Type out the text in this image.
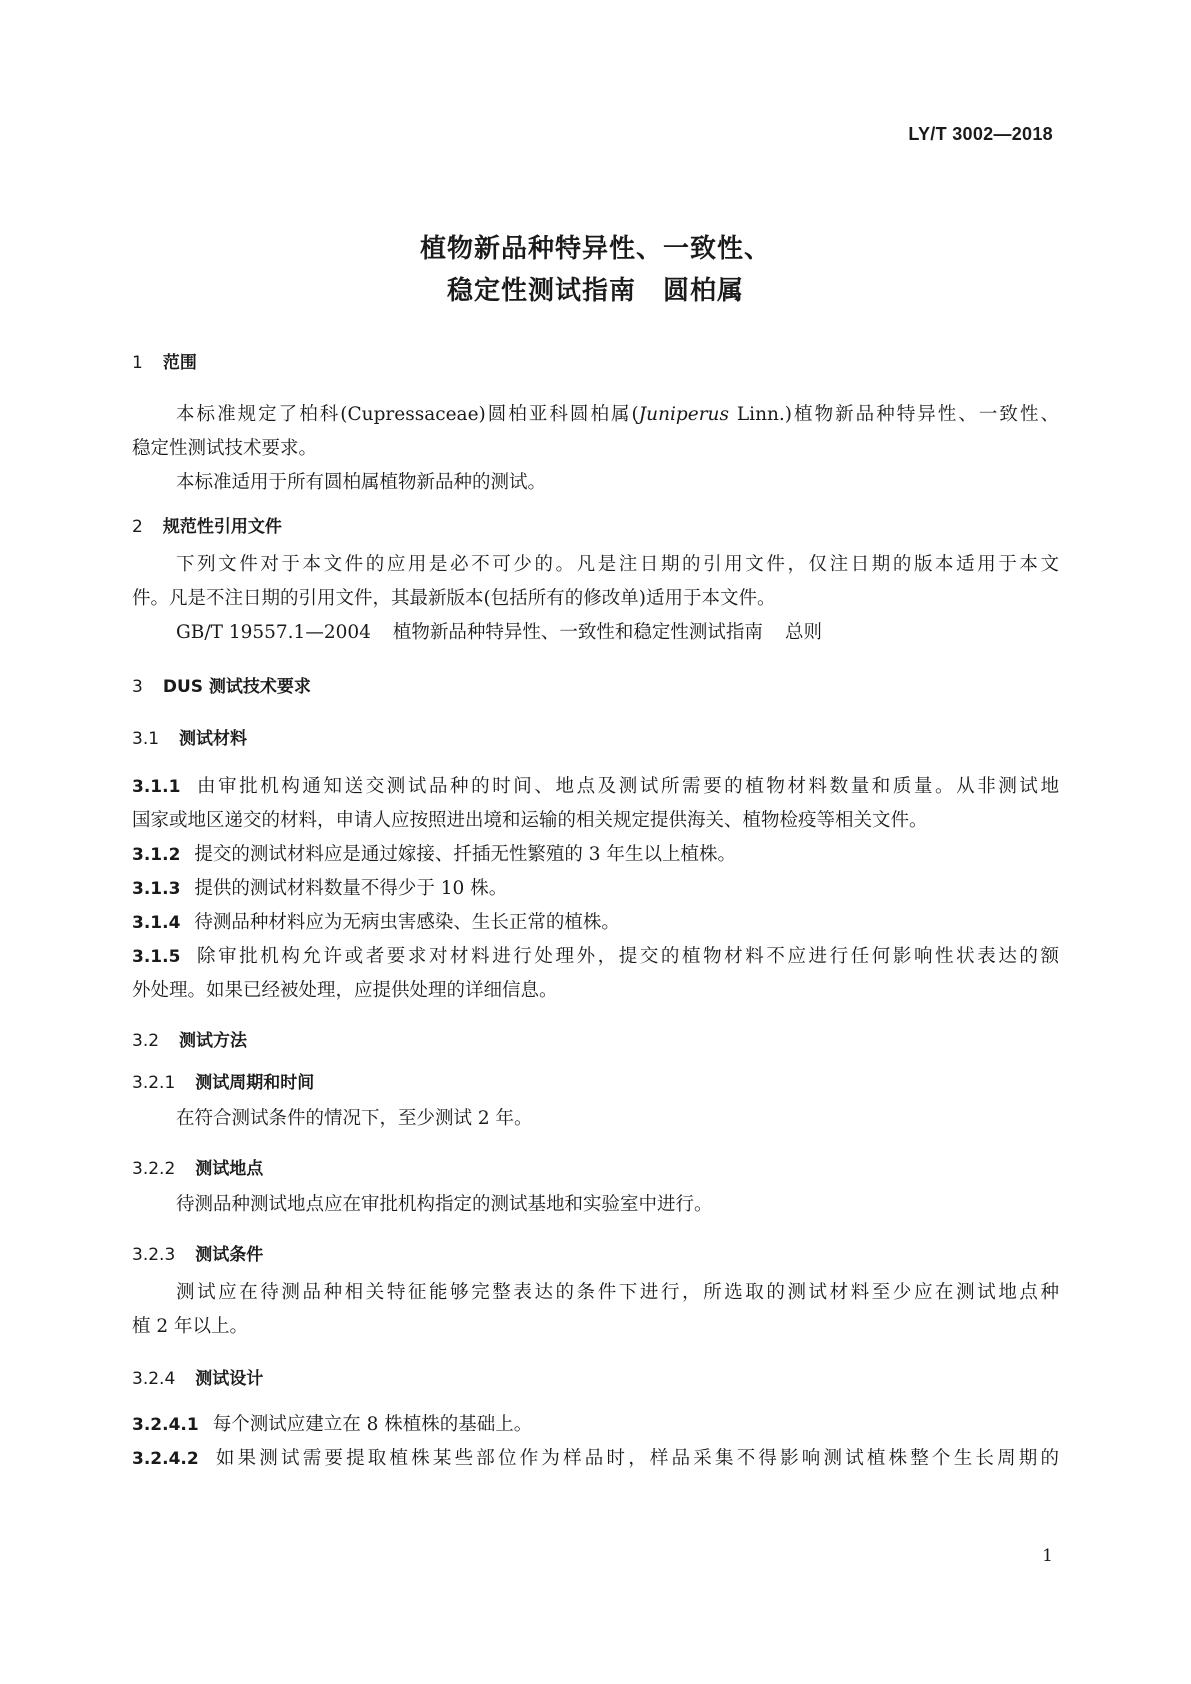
LY/T 3002—2018
植物新品种特异性、一致性、
稳定性测试指南　圆柏属
1 范围
本标准规定了柏科(Cupressaceae)圆柏亚科圆柏属(Juniperus Linn.)植物新品种特异性、一致性、
稳定性测试技术要求。
本标准适用于所有圆柏属植物新品种的测试。
2 规范性引用文件
下列文件对于本文件的应用是必不可少的。凡是注日期的引用文件，仅注日期的版本适用于本文
件。凡是不注日期的引用文件，其最新版本(包括所有的修改单)适用于本文件。
GB/T 19557.1—2004 植物新品种特异性、一致性和稳定性测试指南 总则
3 DUS 测试技术要求
3.1 测试材料
3.1.1 由审批机构通知送交测试品种的时间、地点及测试所需要的植物材料数量和质量。从非测试地
国家或地区递交的材料，申请人应按照进出境和运输的相关规定提供海关、植物检疫等相关文件。
3.1.2 提交的测试材料应是通过嫁接、扦插无性繁殖的 3 年生以上植株。
3.1.3 提供的测试材料数量不得少于 10 株。
3.1.4 待测品种材料应为无病虫害感染、生长正常的植株。
3.1.5 除审批机构允许或者要求对材料进行处理外，提交的植物材料不应进行任何影响性状表达的额
外处理。如果已经被处理，应提供处理的详细信息。
3.2 测试方法
3.2.1 测试周期和时间
在符合测试条件的情况下，至少测试 2 年。
3.2.2 测试地点
待测品种测试地点应在审批机构指定的测试基地和实验室中进行。
3.2.3 测试条件
测试应在待测品种相关特征能够完整表达的条件下进行，所选取的测试材料至少应在测试地点种
植 2 年以上。
3.2.4 测试设计
3.2.4.1 每个测试应建立在 8 株植株的基础上。
3.2.4.2 如果测试需要提取植株某些部位作为样品时，样品采集不得影响测试植株整个生长周期的
1
